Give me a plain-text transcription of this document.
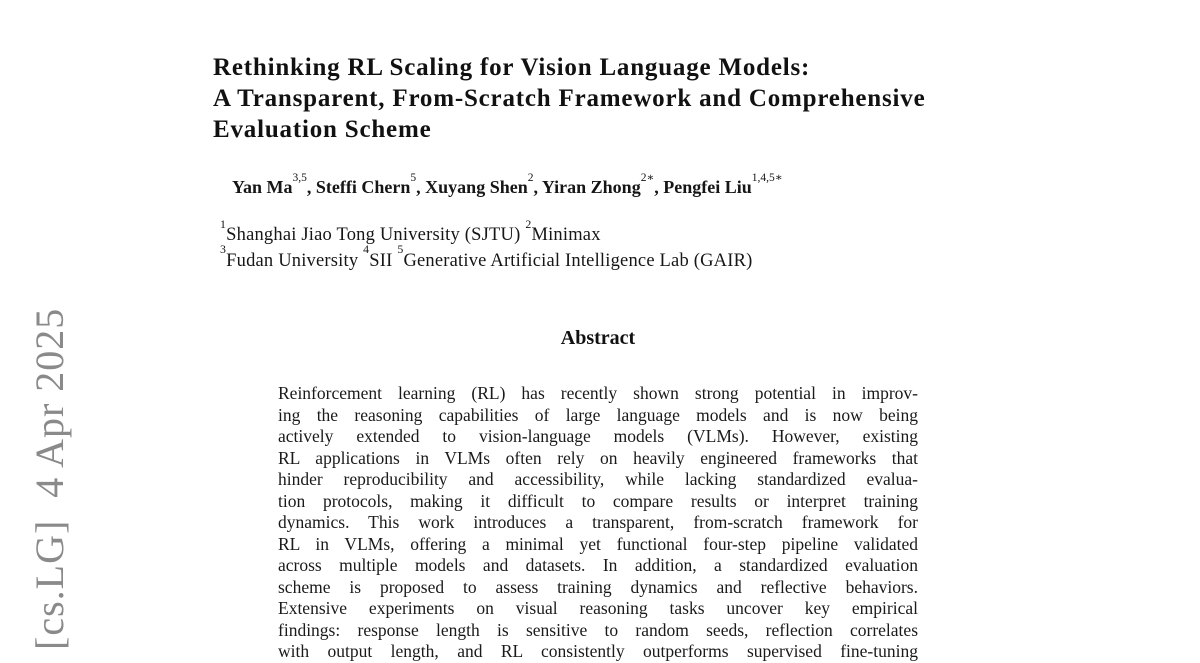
[cs.LG]  4 Apr 2025
Rethinking RL Scaling for Vision Language Models:
A Transparent, From-Scratch Framework and Comprehensive
Evaluation Scheme
Yan Ma$^{3,5}$, Steffi Chern$^5$, Xuyang Shen$^2$, Yiran Zhong$^{2∗}$, Pengfei Liu$^{1,4,5∗}$
$^1$Shanghai Jiao Tong University (SJTU) $^2$Minimax
$^3$Fudan University $^4$SII $^5$Generative Artificial Intelligence Lab (GAIR)
Abstract
Reinforcement learning (RL) has recently shown strong potential in improv-
ing the reasoning capabilities of large language models and is now being
actively extended to vision-language models (VLMs). However, existing
RL applications in VLMs often rely on heavily engineered frameworks that
hinder reproducibility and accessibility, while lacking standardized evalua-
tion protocols, making it difficult to compare results or interpret training
dynamics. This work introduces a transparent, from-scratch framework for
RL in VLMs, offering a minimal yet functional four-step pipeline validated
across multiple models and datasets. In addition, a standardized evaluation
scheme is proposed to assess training dynamics and reflective behaviors.
Extensive experiments on visual reasoning tasks uncover key empirical
findings: response length is sensitive to random seeds, reflection correlates
with output length, and RL consistently outperforms supervised fine-tuning
